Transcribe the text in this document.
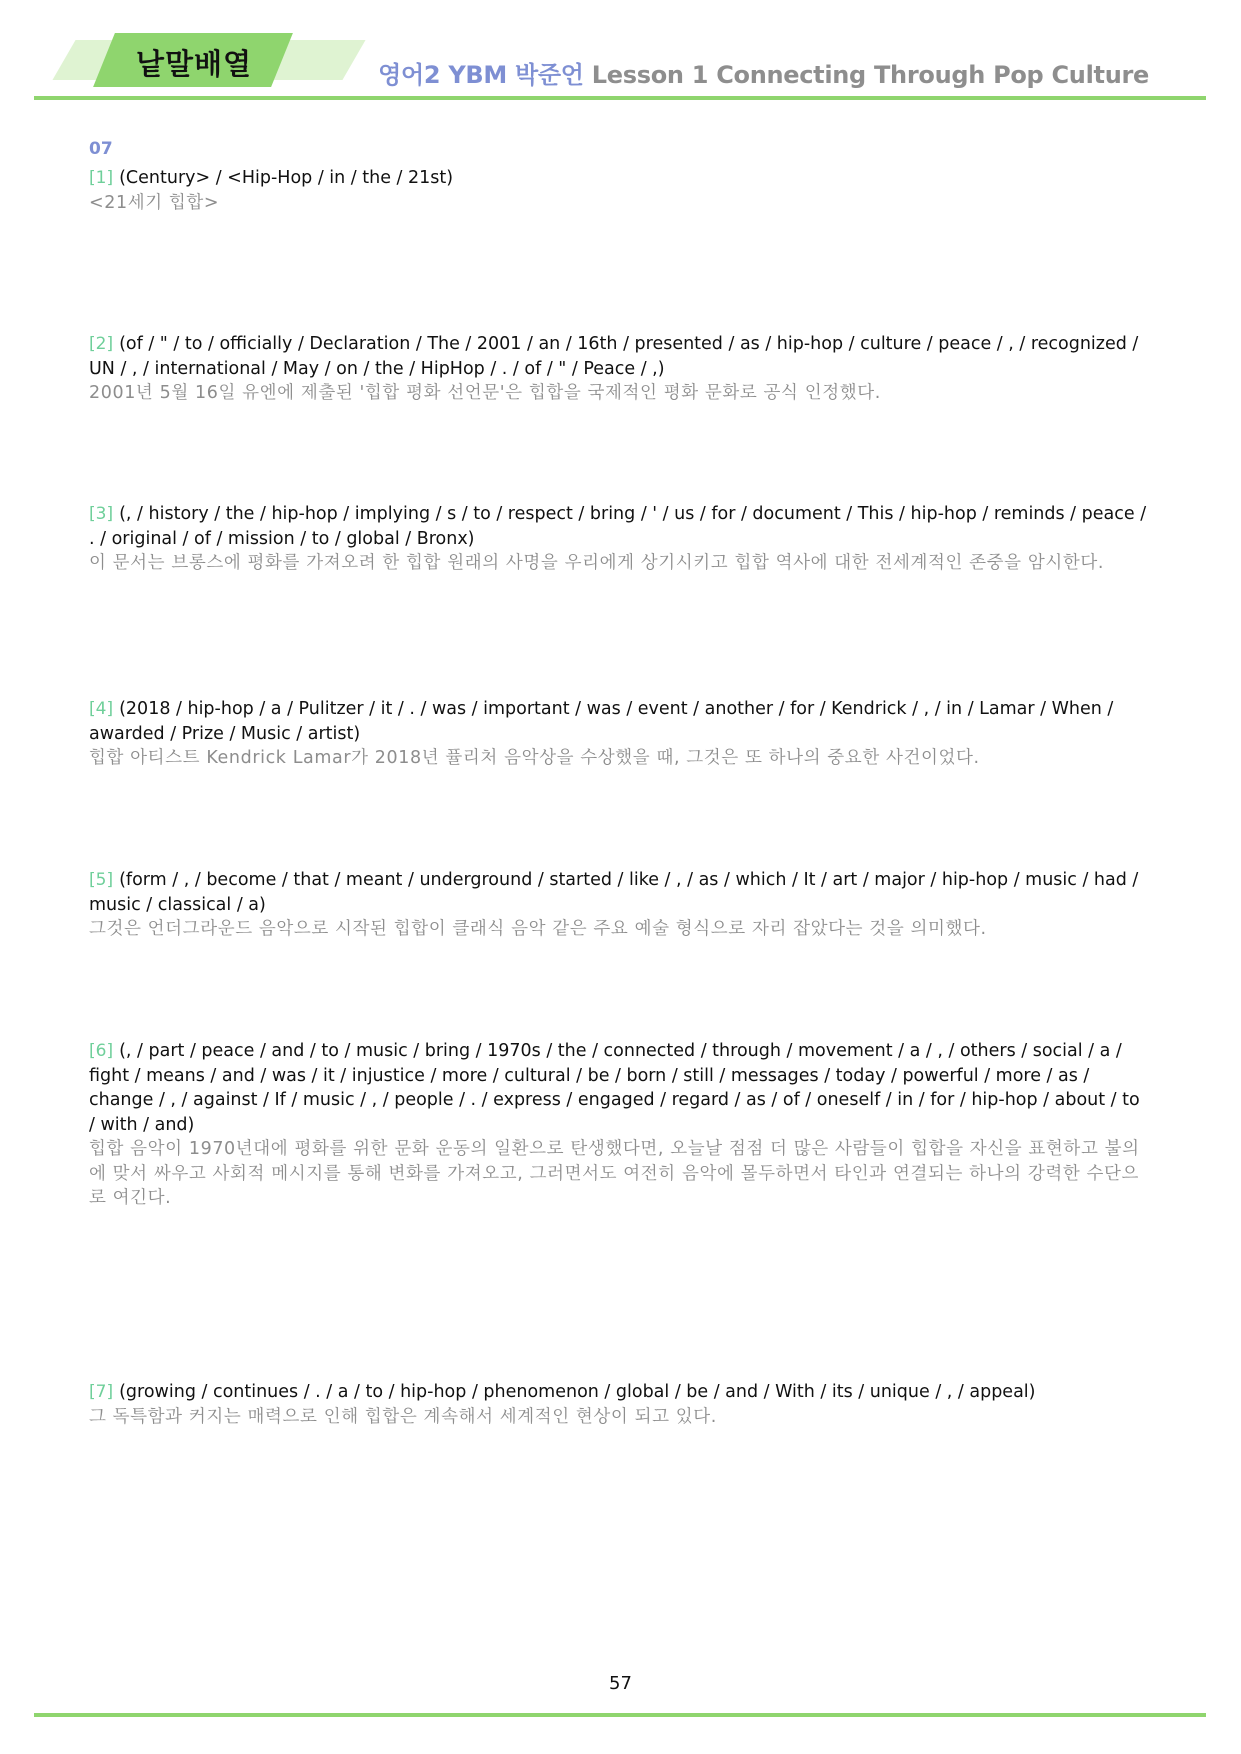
낱말배열	영어2 YBM 박준언 Lesson 1 Connecting Through Pop Culture
07

[1] (Century> / <Hip-Hop / in / the / 21st)

<21세기 힙합>

[2] (of / " / to / officially / Declaration / The / 2001 / an / 16th / presented / as / hip-hop / culture / peace / , / recognized / UN / , / international / May / on / the / HipHop / . / of / " / Peace / ,)

2001년 5월 16일 유엔에 제출된 '힙합 평화 선언문'은 힙합을 국제적인 평화 문화로 공식 인정했다.

[3] (, / history / the / hip-hop / implying / s / to / respect / bring / ' / us / for / document / This / hip-hop / reminds / peace / . / original / of / mission / to / global / Bronx)

이 문서는 브롱스에 평화를 가져오려 한 힙합 원래의 사명을 우리에게 상기시키고 힙합 역사에 대한 전세계적인 존중을 암시한다.

[4] (2018 / hip-hop / a / Pulitzer / it / . / was / important / was / event / another / for / Kendrick / , / in / Lamar / When / awarded / Prize / Music / artist)

힙합 아티스트 Kendrick Lamar가 2018년 퓰리처 음악상을 수상했을 때, 그것은 또 하나의 중요한 사건이었다.

[5] (form / , / become / that / meant / underground / started / like / , / as / which / It / art / major / hip-hop / music / had / music / classical / a)

그것은 언더그라운드 음악으로 시작된 힙합이 클래식 음악 같은 주요 예술 형식으로 자리 잡았다는 것을 의미했다.

[6] (, / part / peace / and / to / music / bring / 1970s / the / connected / through / movement / a / , / others / social / a / fight / means / and / was / it / injustice / more / cultural / be / born / still / messages / today / powerful / more / as / change / , / against / If / music / , / people / . / express / engaged / regard / as / of / oneself / in / for / hip-hop / about / to / with / and)

힙합 음악이 1970년대에 평화를 위한 문화 운동의 일환으로 탄생했다면, 오늘날 점점 더 많은 사람들이 힙합을 자신을 표현하고 불의에 맞서 싸우고 사회적 메시지를 통해 변화를 가져오고, 그러면서도 여전히 음악에 몰두하면서 타인과 연결되는 하나의 강력한 수단으로 여긴다.

[7] (growing / continues / . / a / to / hip-hop / phenomenon / global / be / and / With / its / unique / , / appeal)

그 독특함과 커지는 매력으로 인해 힙합은 계속해서 세계적인 현상이 되고 있다.

57
